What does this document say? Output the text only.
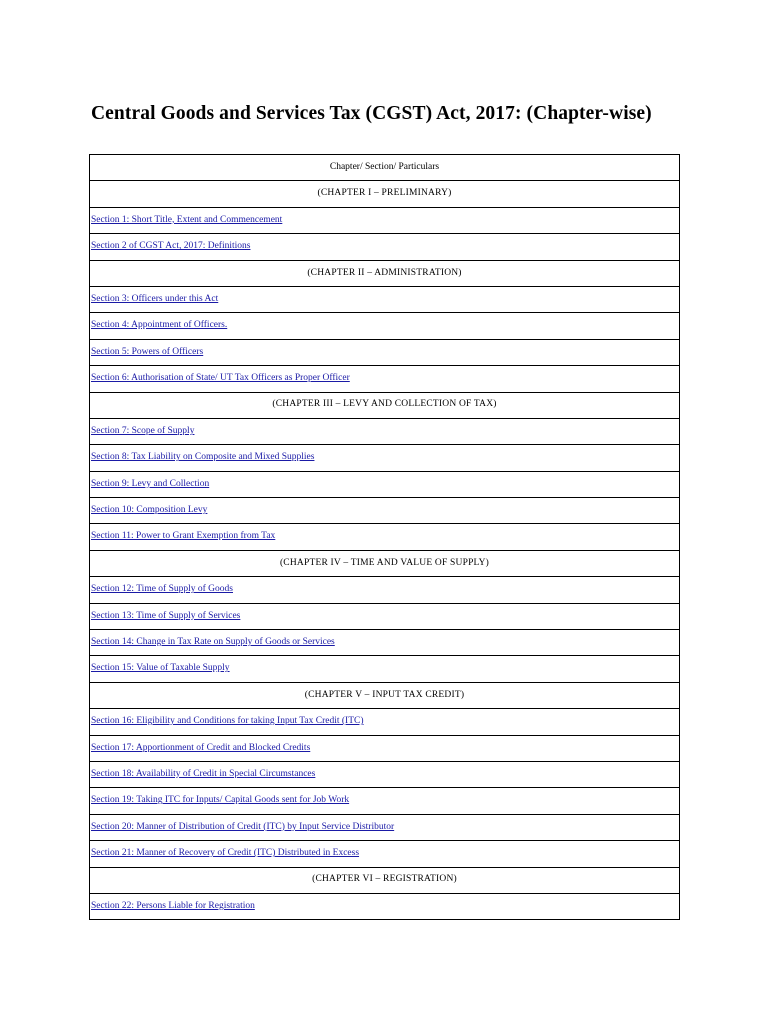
Central Goods and Services Tax (CGST) Act, 2017: (Chapter-wise)
Chapter/ Section/ Particulars
(CHAPTER I – PRELIMINARY)
Section 1: Short Title, Extent and Commencement
Section 2 of CGST Act, 2017: Definitions
(CHAPTER II – ADMINISTRATION)
Section 3: Officers under this Act
Section 4: Appointment of Officers.
Section 5: Powers of Officers
Section 6: Authorisation of State/ UT Tax Officers as Proper Officer
(CHAPTER III – LEVY AND COLLECTION OF TAX)
Section 7: Scope of Supply
Section 8: Tax Liability on Composite and Mixed Supplies
Section 9: Levy and Collection
Section 10: Composition Levy
Section 11: Power to Grant Exemption from Tax
(CHAPTER IV – TIME AND VALUE OF SUPPLY)
Section 12: Time of Supply of Goods
Section 13: Time of Supply of Services
Section 14: Change in Tax Rate on Supply of Goods or Services
Section 15: Value of Taxable Supply
(CHAPTER V – INPUT TAX CREDIT)
Section 16: Eligibility and Conditions for taking Input Tax Credit (ITC)
Section 17: Apportionment of Credit and Blocked Credits
Section 18: Availability of Credit in Special Circumstances
Section 19: Taking ITC for Inputs/ Capital Goods sent for Job Work
Section 20: Manner of Distribution of Credit (ITC) by Input Service Distributor
Section 21: Manner of Recovery of Credit (ITC) Distributed in Excess
(CHAPTER VI – REGISTRATION)
Section 22: Persons Liable for Registration
